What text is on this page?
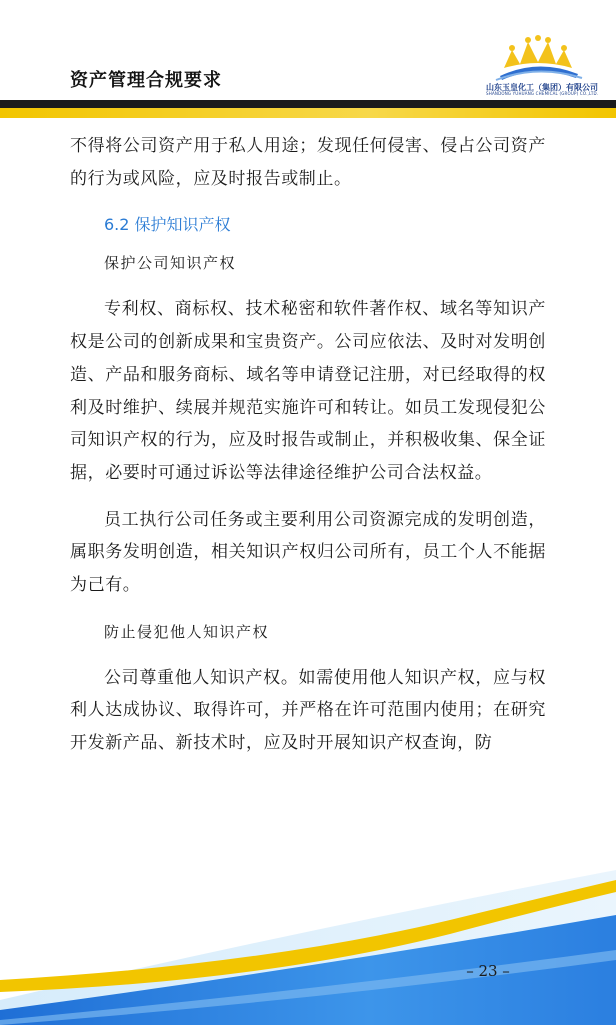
资产管理合规要求	山东玉皇化工（集团）有限公司
SHANDONG YUHUANG CHEMICAL (GROUP) CO.,LTD.

不得将公司资产用于私人用途；发现任何侵害、侵占公司资产的行为或风险，应及时报告或制止。

6.2 保护知识产权

保护公司知识产权

专利权、商标权、技术秘密和软件著作权、域名等知识产权是公司的创新成果和宝贵资产。公司应依法、及时对发明创造、产品和服务商标、域名等申请登记注册，对已经取得的权利及时维护、续展并规范实施许可和转让。如员工发现侵犯公司知识产权的行为，应及时报告或制止，并积极收集、保全证据，必要时可通过诉讼等法律途径维护公司合法权益。

员工执行公司任务或主要利用公司资源完成的发明创造，属职务发明创造，相关知识产权归公司所有，员工个人不能据为己有。

防止侵犯他人知识产权

公司尊重他人知识产权。如需使用他人知识产权，应与权利人达成协议、取得许可，并严格在许可范围内使用；在研究开发新产品、新技术时，应及时开展知识产权查询，防

– 23 –
